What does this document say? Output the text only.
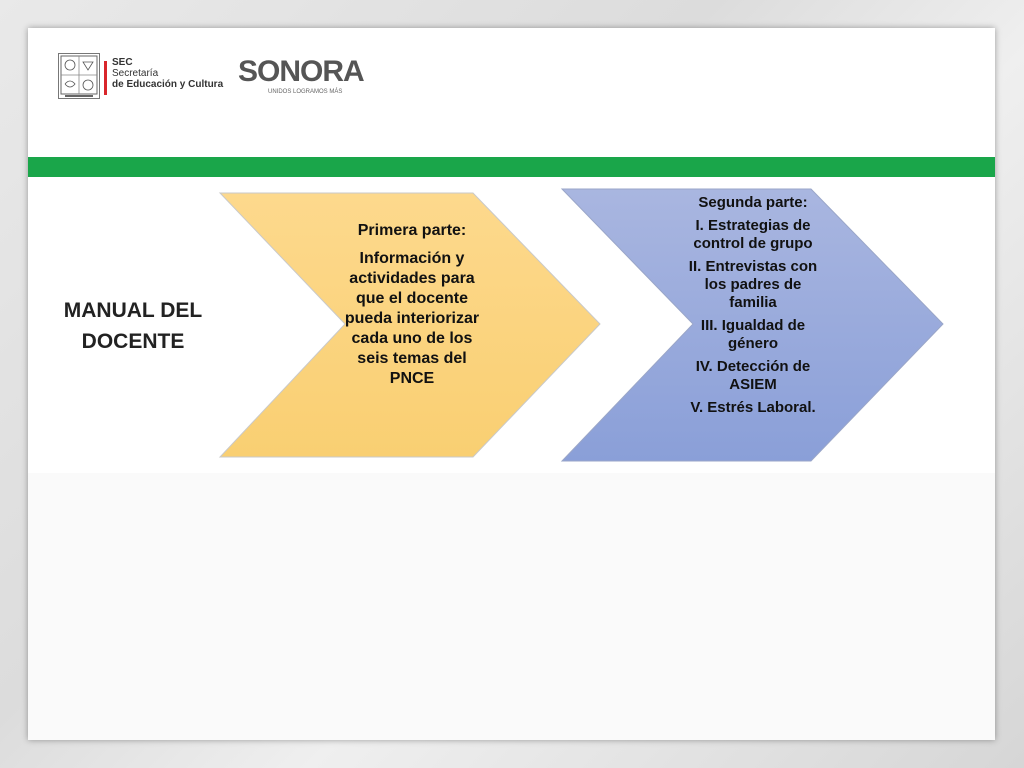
SEC
Secretaría
de Educación y Cultura SONORA
UNIDOS LOGRAMOS MÁS
MANUAL DEL
DOCENTE
Primera parte:
Información y actividades para que el docente pueda interiorizar cada uno de los seis temas del PNCE
Segunda parte:
I. Estrategias de control de grupo
II. Entrevistas con los padres de familia
III. Igualdad de género
IV. Detección de ASIEM
V. Estrés Laboral.
